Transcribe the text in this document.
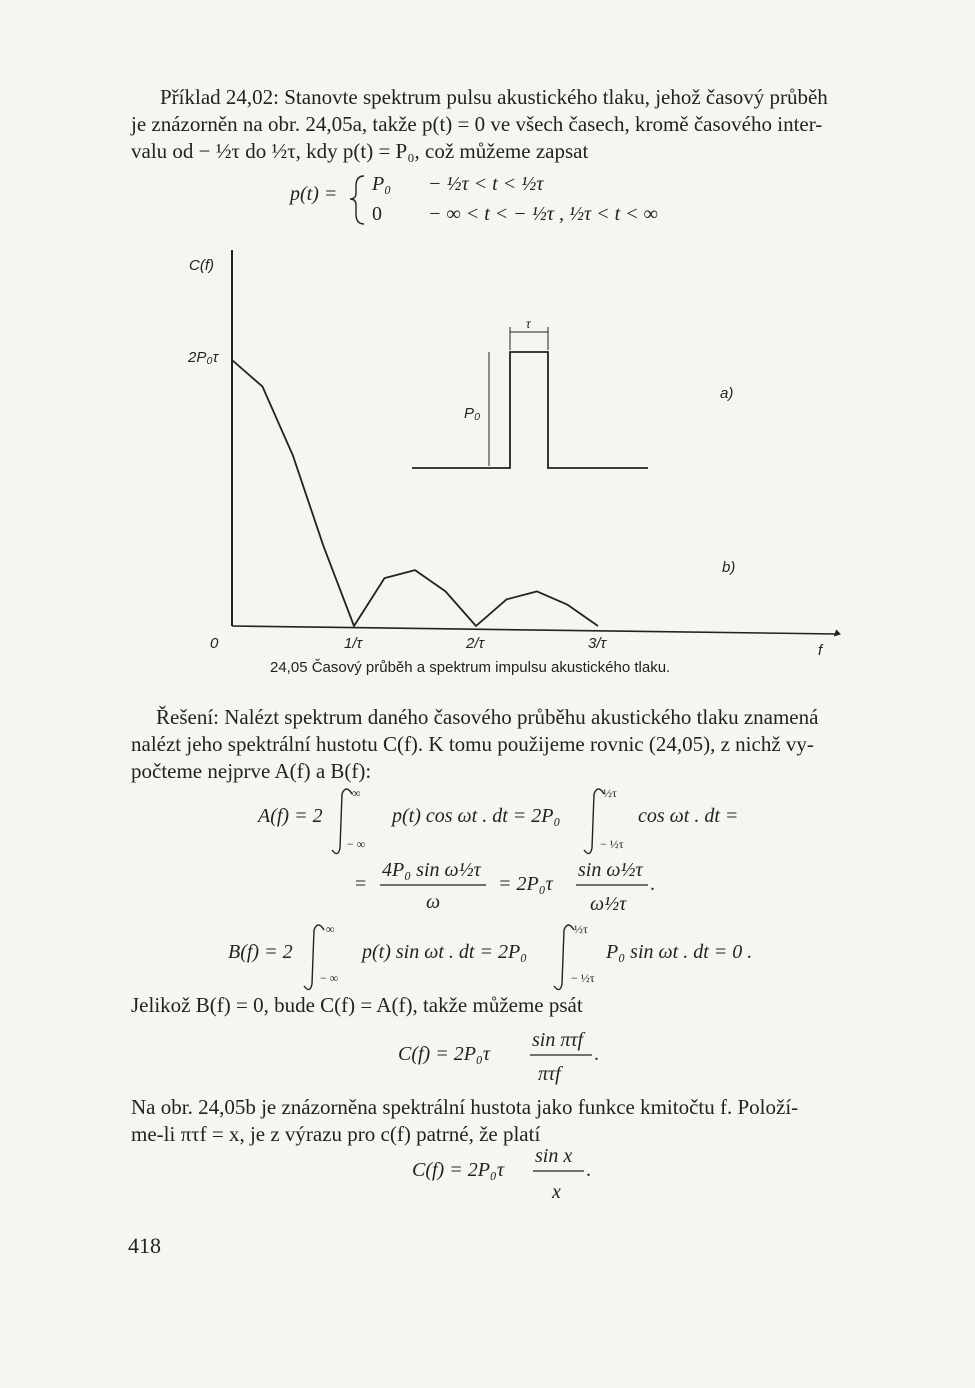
Příklad 24,02: Stanovte spektrum pulsu akustického tlaku, jehož časový průběh
je znázorněn na obr. 24,05a, takže p(t) = 0 ve všech časech, kromě časového inter-
valu od − ½τ do ½τ, kdy p(t) = P₀, což můžeme zapsat
p(t) = P₀ − ½τ < t < ½τ
0 − ∞ < t < − ½τ , ½τ < t < ∞
C(f)
2P₀τ
f
0	1/τ	2/τ	3/τ
τ
P₀
a)
b)
24,05 Časový průběh a spektrum impulsu akustického tlaku.
A(f) = 2
∞
− ∞
p(t) cos ωt . dt = 2P₀
½τ
− ½τ
cos ωt . dt =
=
4P₀ sin ω½τ
ω
= 2P₀τ
sin ω½τ
ω½τ
.
B(f) = 2
∞
− ∞
p(t) sin ωt . dt = 2P₀
½τ
− ½τ
P₀ sin ωt . dt = 0 .
C(f) = 2P₀τ
sin πτf
πτf
.
C(f) = 2P₀τ
sin x
x
.
Řešení: Nalézt spektrum daného časového průběhu akustického tlaku znamená
nalézt jeho spektrální hustotu C(f). K tomu použijeme rovnic (24,05), z nichž vy-
počteme nejprve A(f) a B(f):
Jelikož B(f) = 0, bude C(f) = A(f), takže můžeme psát
Na obr. 24,05b je znázorněna spektrální hustota jako funkce kmitočtu f. Položí-
me-li πτf = x, je z výrazu pro c(f) patrné, že platí
418
